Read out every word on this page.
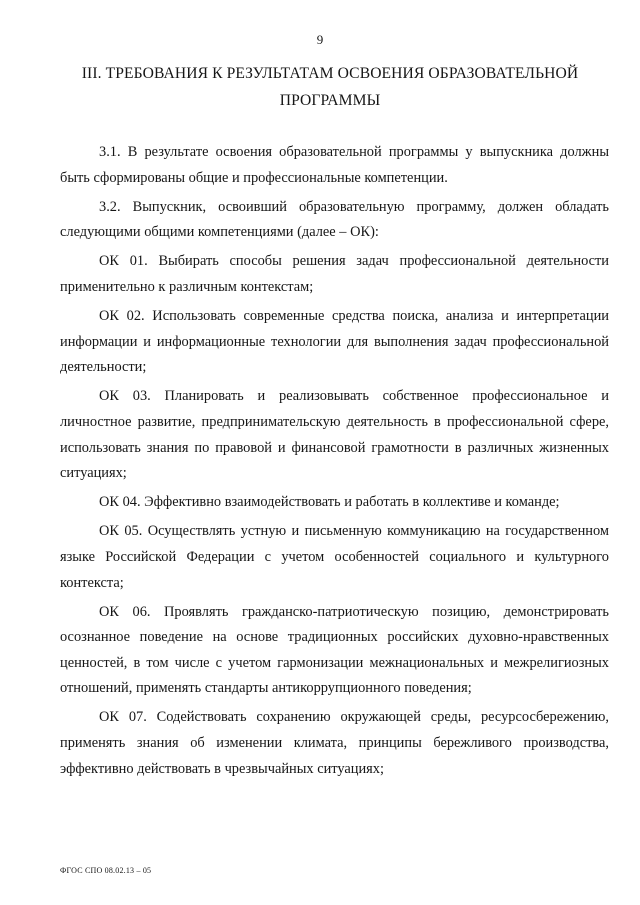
9
III. ТРЕБОВАНИЯ К РЕЗУЛЬТАТАМ ОСВОЕНИЯ ОБРАЗОВАТЕЛЬНОЙ ПРОГРАММЫ

3.1. В результате освоения образовательной программы у выпускника должны быть сформированы общие и профессиональные компетенции.

3.2. Выпускник, освоивший образовательную программу, должен обладать следующими общими компетенциями (далее – ОК):

ОК 01. Выбирать способы решения задач профессиональной деятельности применительно к различным контекстам;

ОК 02. Использовать современные средства поиска, анализа и интерпретации информации и информационные технологии для выполнения задач профессиональной деятельности;

ОК 03. Планировать и реализовывать собственное профессиональное и личностное развитие, предпринимательскую деятельность в профессиональной сфере, использовать знания по правовой и финансовой грамотности в различных жизненных ситуациях;

ОК 04. Эффективно взаимодействовать и работать в коллективе и команде;

ОК 05. Осуществлять устную и письменную коммуникацию на государственном языке Российской Федерации с учетом особенностей социального и культурного контекста;

ОК 06. Проявлять гражданско-патриотическую позицию, демонстрировать осознанное поведение на основе традиционных российских духовно-нравственных ценностей, в том числе с учетом гармонизации межнациональных и межрелигиозных отношений, применять стандарты антикоррупционного поведения;

ОК 07. Содействовать сохранению окружающей среды, ресурсосбережению, применять знания об изменении климата, принципы бережливого производства, эффективно действовать в чрезвычайных ситуациях;

ФГОС СПО 08.02.13 – 05
